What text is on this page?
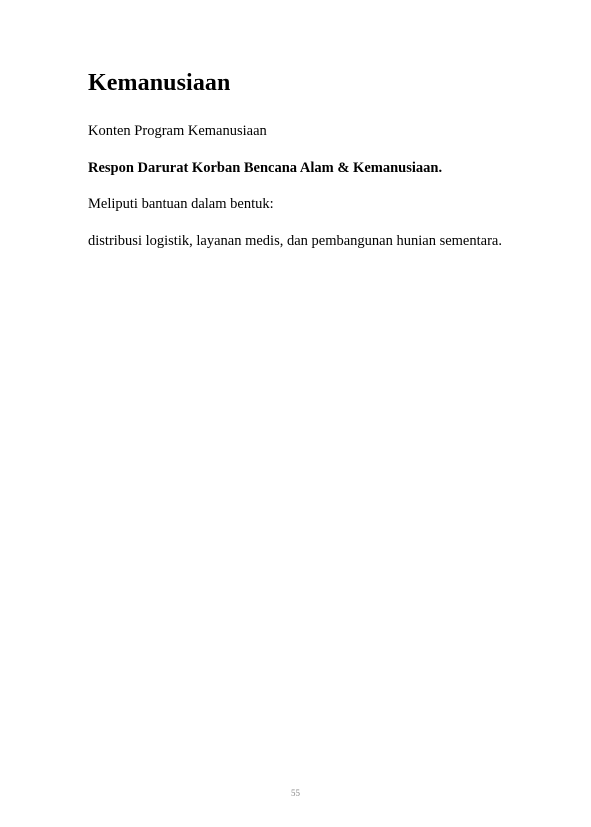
Kemanusiaan

Konten Program Kemanusiaan

Respon Darurat Korban Bencana Alam & Kemanusiaan.

Meliputi bantuan dalam bentuk:

distribusi logistik, layanan medis, dan pembangunan hunian sementara.

55
